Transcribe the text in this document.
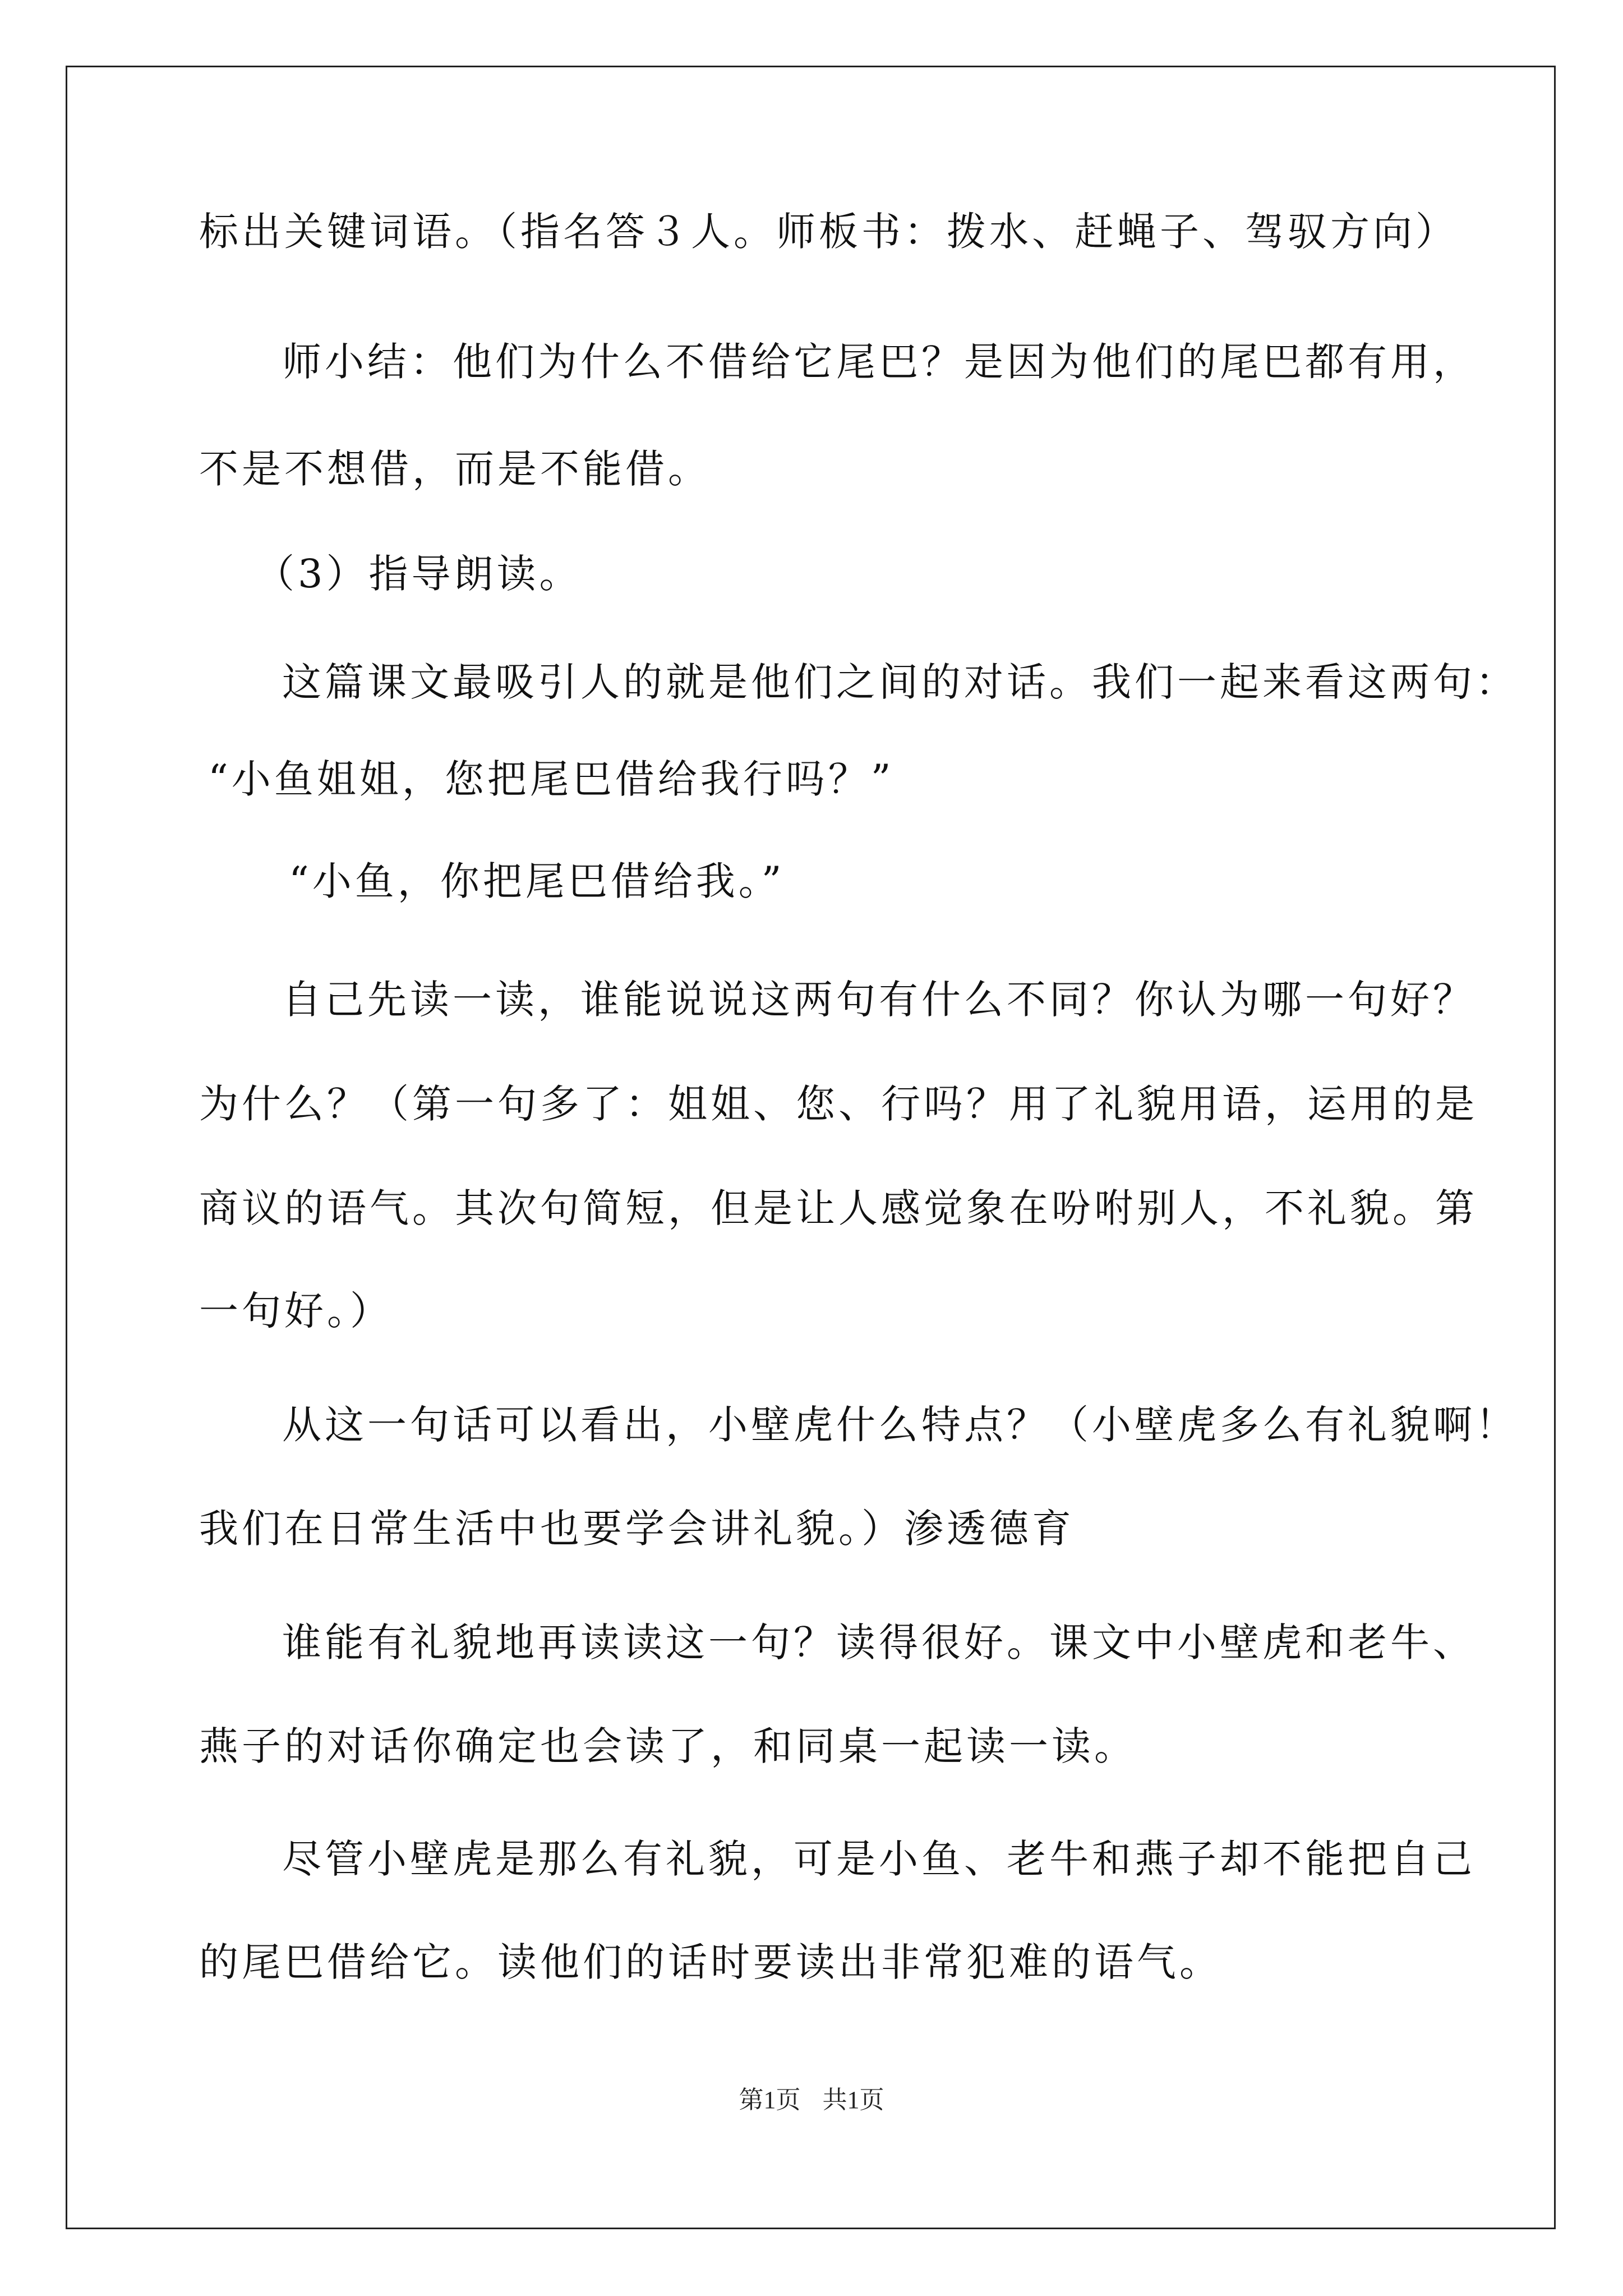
标出关键词语。（指名答３人。师板书：拨水、赶蝇子、驾驭方向）
师小结：他们为什么不借给它尾巴？是因为他们的尾巴都有用，
不是不想借，而是不能借。
（3）指导朗读。
这篇课文最吸引人的就是他们之间的对话。我们一起来看这两句：
“小鱼姐姐，您把尾巴借给我行吗？”
“小鱼，你把尾巴借给我。”
自己先读一读，谁能说说这两句有什么不同？你认为哪一句好？
为什么？（第一句多了：姐姐、您、行吗？用了礼貌用语，运用的是
商议的语气。其次句简短，但是让人感觉象在吩咐别人，不礼貌。第
一句好。）
从这一句话可以看出，小壁虎什么特点？（小壁虎多么有礼貌啊！
我们在日常生活中也要学会讲礼貌。）渗透德育
谁能有礼貌地再读读这一句？读得很好。课文中小壁虎和老牛、
燕子的对话你确定也会读了，和同桌一起读一读。
尽管小壁虎是那么有礼貌，可是小鱼、老牛和燕子却不能把自己
的尾巴借给它。读他们的话时要读出非常犯难的语气。
第1页 共1页
